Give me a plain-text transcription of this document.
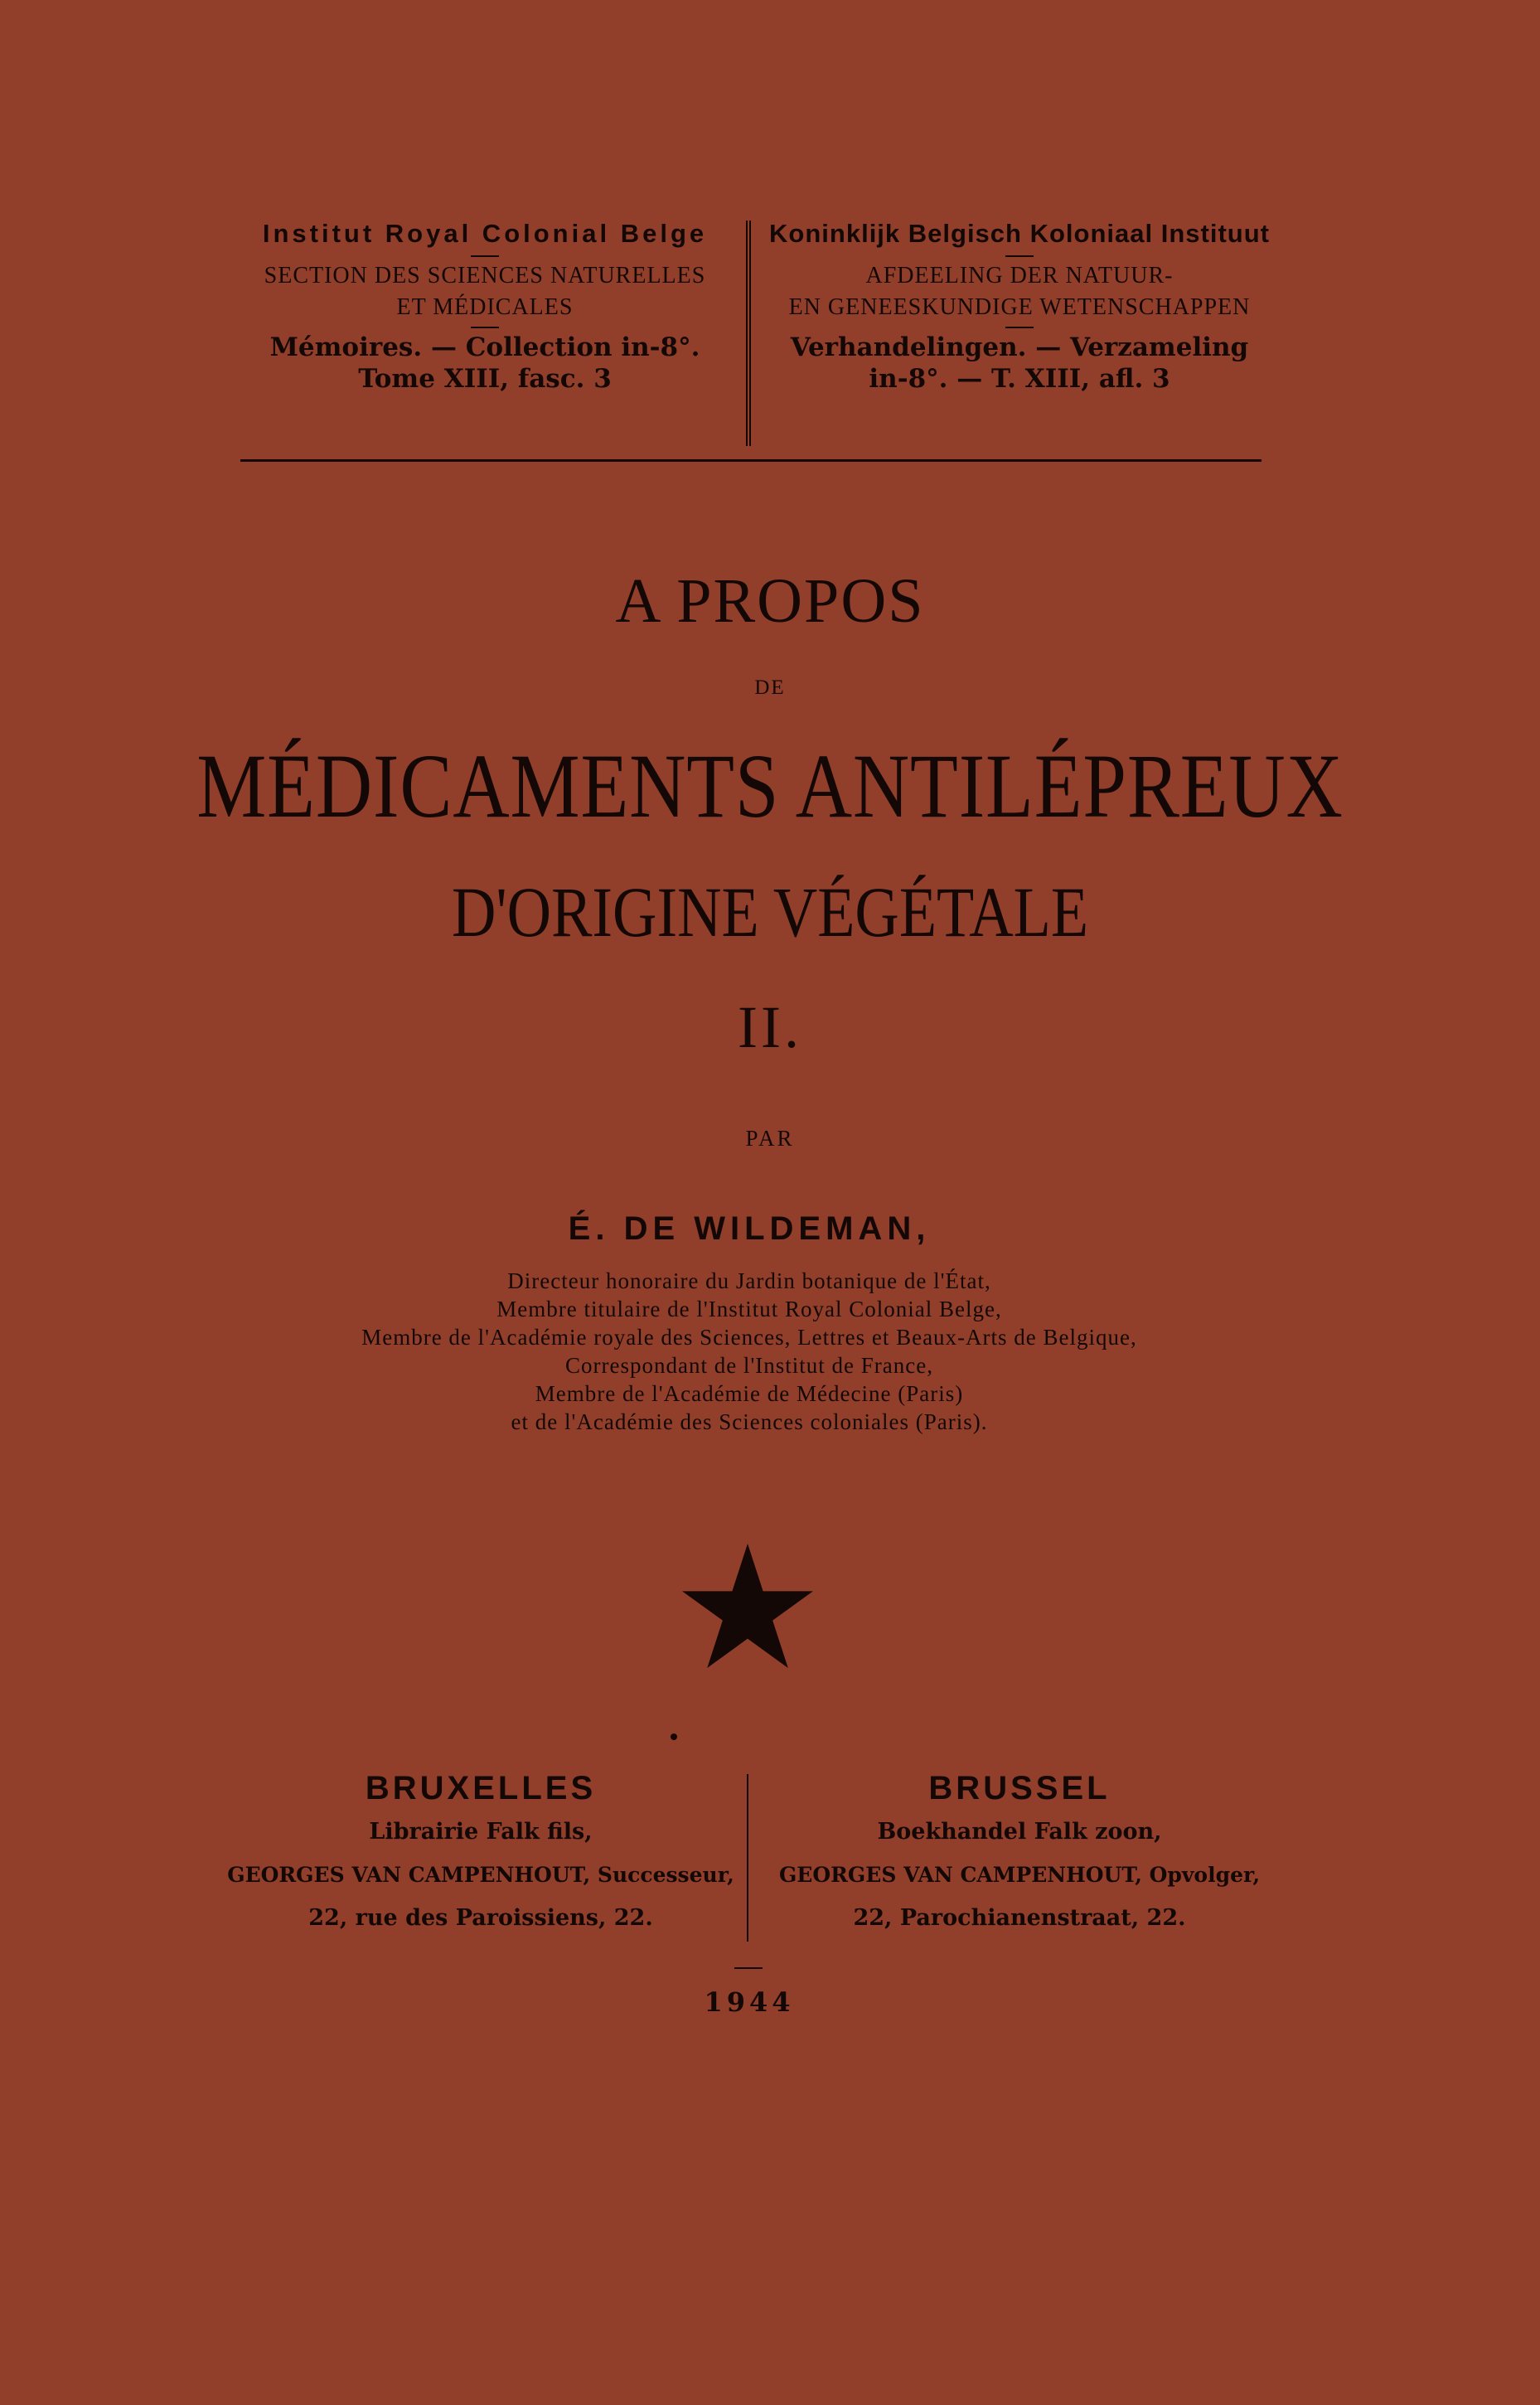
Institut Royal Colonial Belge
SECTION DES SCIENCES NATURELLES
ET MÉDICALES
Mémoires. — Collection in-8°.
Tome XIII, fasc. 3
Koninklijk Belgisch Koloniaal Instituut
AFDEELING DER NATUUR-
EN GENEESKUNDIGE WETENSCHAPPEN
Verhandelingen. — Verzameling
in-8°. — T. XIII, afl. 3
A PROPOS
DE
MÉDICAMENTS ANTILÉPREUX
D'ORIGINE VÉGÉTALE
II.
PAR
É. DE WILDEMAN,
Directeur honoraire du Jardin botanique de l'État,
Membre titulaire de l'Institut Royal Colonial Belge,
Membre de l'Académie royale des Sciences, Lettres et Beaux-Arts de Belgique,
Correspondant de l'Institut de France,
Membre de l'Académie de Médecine (Paris)
et de l'Académie des Sciences coloniales (Paris).
BRUXELLES
Librairie Falk fils,
GEORGES VAN CAMPENHOUT, Successeur,
22, rue des Paroissiens, 22.
BRUSSEL
Boekhandel Falk zoon,
GEORGES VAN CAMPENHOUT, Opvolger,
22, Parochianenstraat, 22.
1944
